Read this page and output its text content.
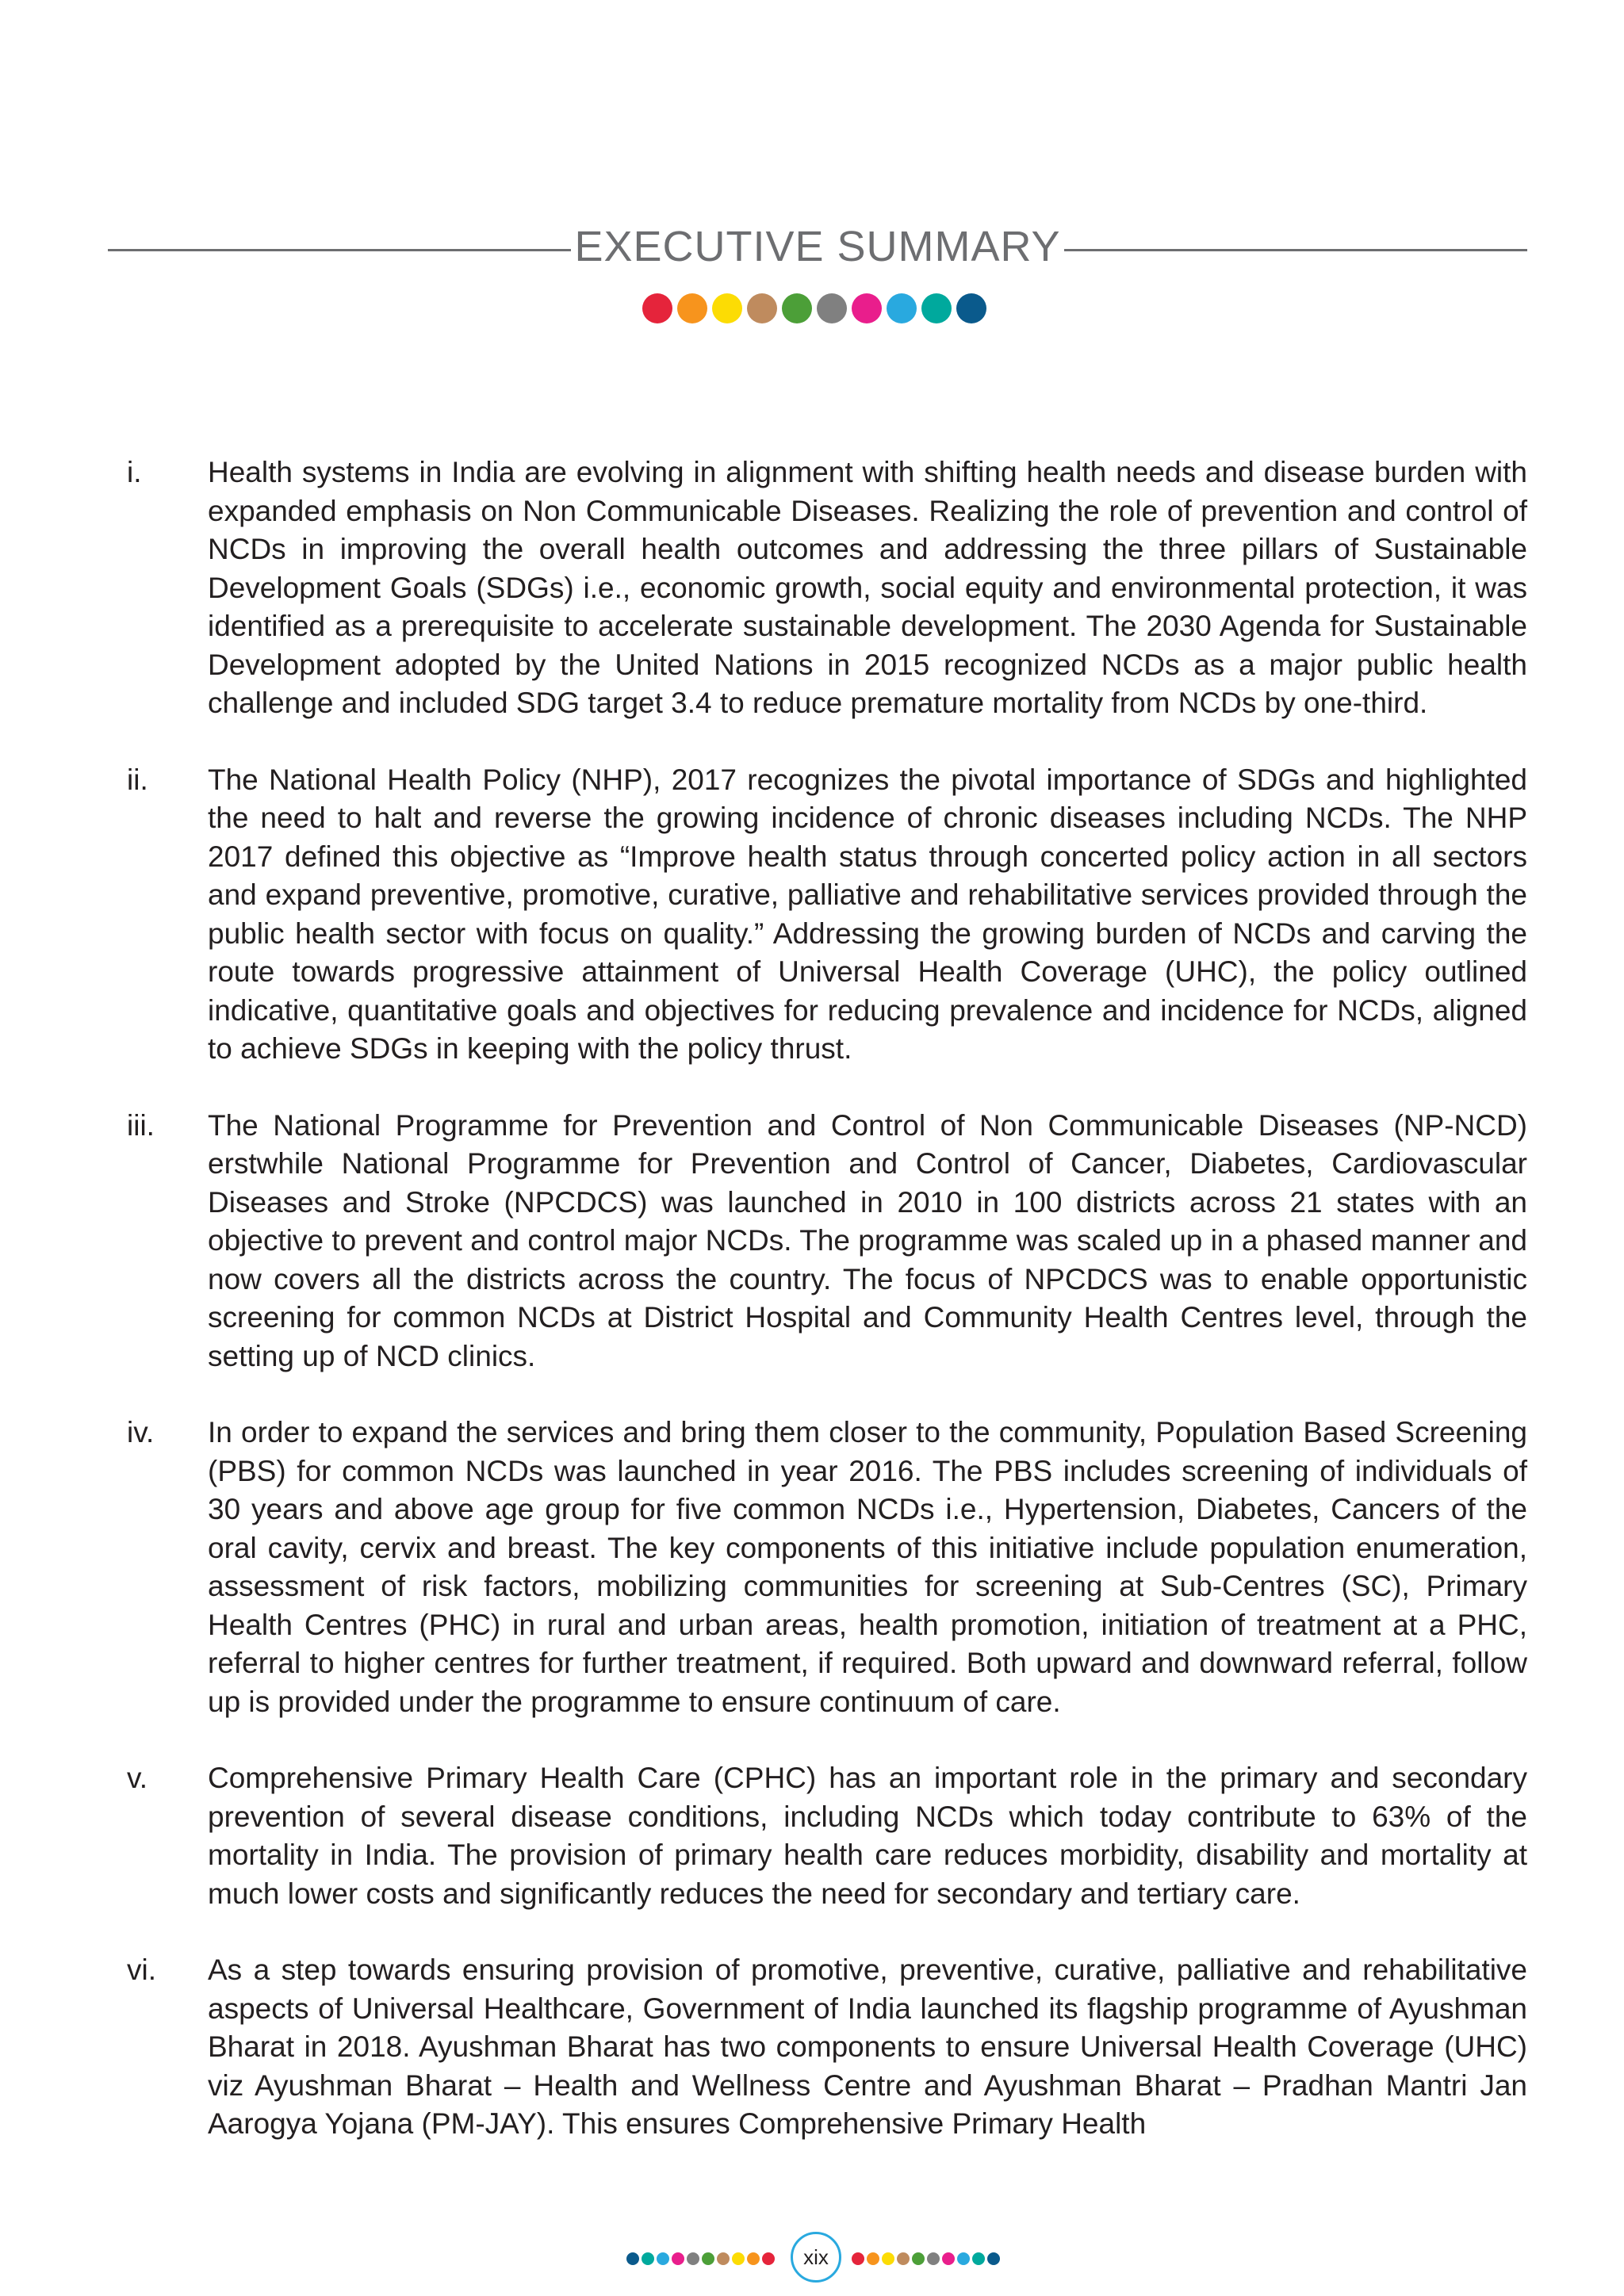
EXECUTIVE SUMMARY
i.	Health systems in India are evolving in alignment with shifting health needs and disease burden with expanded emphasis on Non Communicable Diseases. Realizing the role of prevention and control of NCDs in improving the overall health outcomes and addressing the three pillars of Sustainable Development Goals (SDGs) i.e., economic growth, social equity and environmental protection, it was identified as a prerequisite to accelerate sustainable development. The 2030 Agenda for Sustainable Development adopted by the United Nations in 2015 recognized NCDs as a major public health challenge and included SDG target 3.4 to reduce premature mortality from NCDs by one-third.
ii.	The National Health Policy (NHP), 2017 recognizes the pivotal importance of SDGs and highlighted the need to halt and reverse the growing incidence of chronic diseases including NCDs. The NHP 2017 defined this objective as “Improve health status through concerted policy action in all sectors and expand preventive, promotive, curative, palliative and rehabilitative services provided through the public health sector with focus on quality.” Addressing the growing burden of NCDs and carving the route towards progressive attainment of Universal Health Coverage (UHC), the policy outlined indicative, quantitative goals and objectives for reducing prevalence and incidence for NCDs, aligned to achieve SDGs in keeping with the policy thrust.
iii.	The National Programme for Prevention and Control of Non Communicable Diseases (NP-NCD) erstwhile National Programme for Prevention and Control of Cancer, Diabetes, Cardiovascular Diseases and Stroke (NPCDCS) was launched in 2010 in 100 districts across 21 states with an objective to prevent and control major NCDs. The programme was scaled up in a phased manner and now covers all the districts across the country. The focus of NPCDCS was to enable opportunistic screening for common NCDs at District Hospital and Community Health Centres level, through the setting up of NCD clinics.
iv.	In order to expand the services and bring them closer to the community, Population Based Screening (PBS) for common NCDs was launched in year 2016. The PBS includes screening of individuals of 30 years and above age group for five common NCDs i.e., Hypertension, Diabetes, Cancers of the oral cavity, cervix and breast. The key components of this initiative include population enumeration, assessment of risk factors, mobilizing communities for screening at Sub-Centres (SC), Primary Health Centres (PHC) in rural and urban areas, health promotion, initiation of treatment at a PHC, referral to higher centres for further treatment, if required. Both upward and downward referral, follow up is provided under the programme to ensure continuum of care.
v.	Comprehensive Primary Health Care (CPHC) has an important role in the primary and secondary prevention of several disease conditions, including NCDs which today contribute to 63% of the mortality in India. The provision of primary health care reduces morbidity, disability and mortality at much lower costs and significantly reduces the need for secondary and tertiary care.
vi.	As a step towards ensuring provision of promotive, preventive, curative, palliative and rehabilitative aspects of Universal Healthcare, Government of India launched its flagship programme of Ayushman Bharat in 2018. Ayushman Bharat has two components to ensure Universal Health Coverage (UHC) viz Ayushman Bharat – Health and Wellness Centre and Ayushman Bharat – Pradhan Mantri Jan Aarogya Yojana (PM-JAY). This ensures Comprehensive Primary Health
xix
